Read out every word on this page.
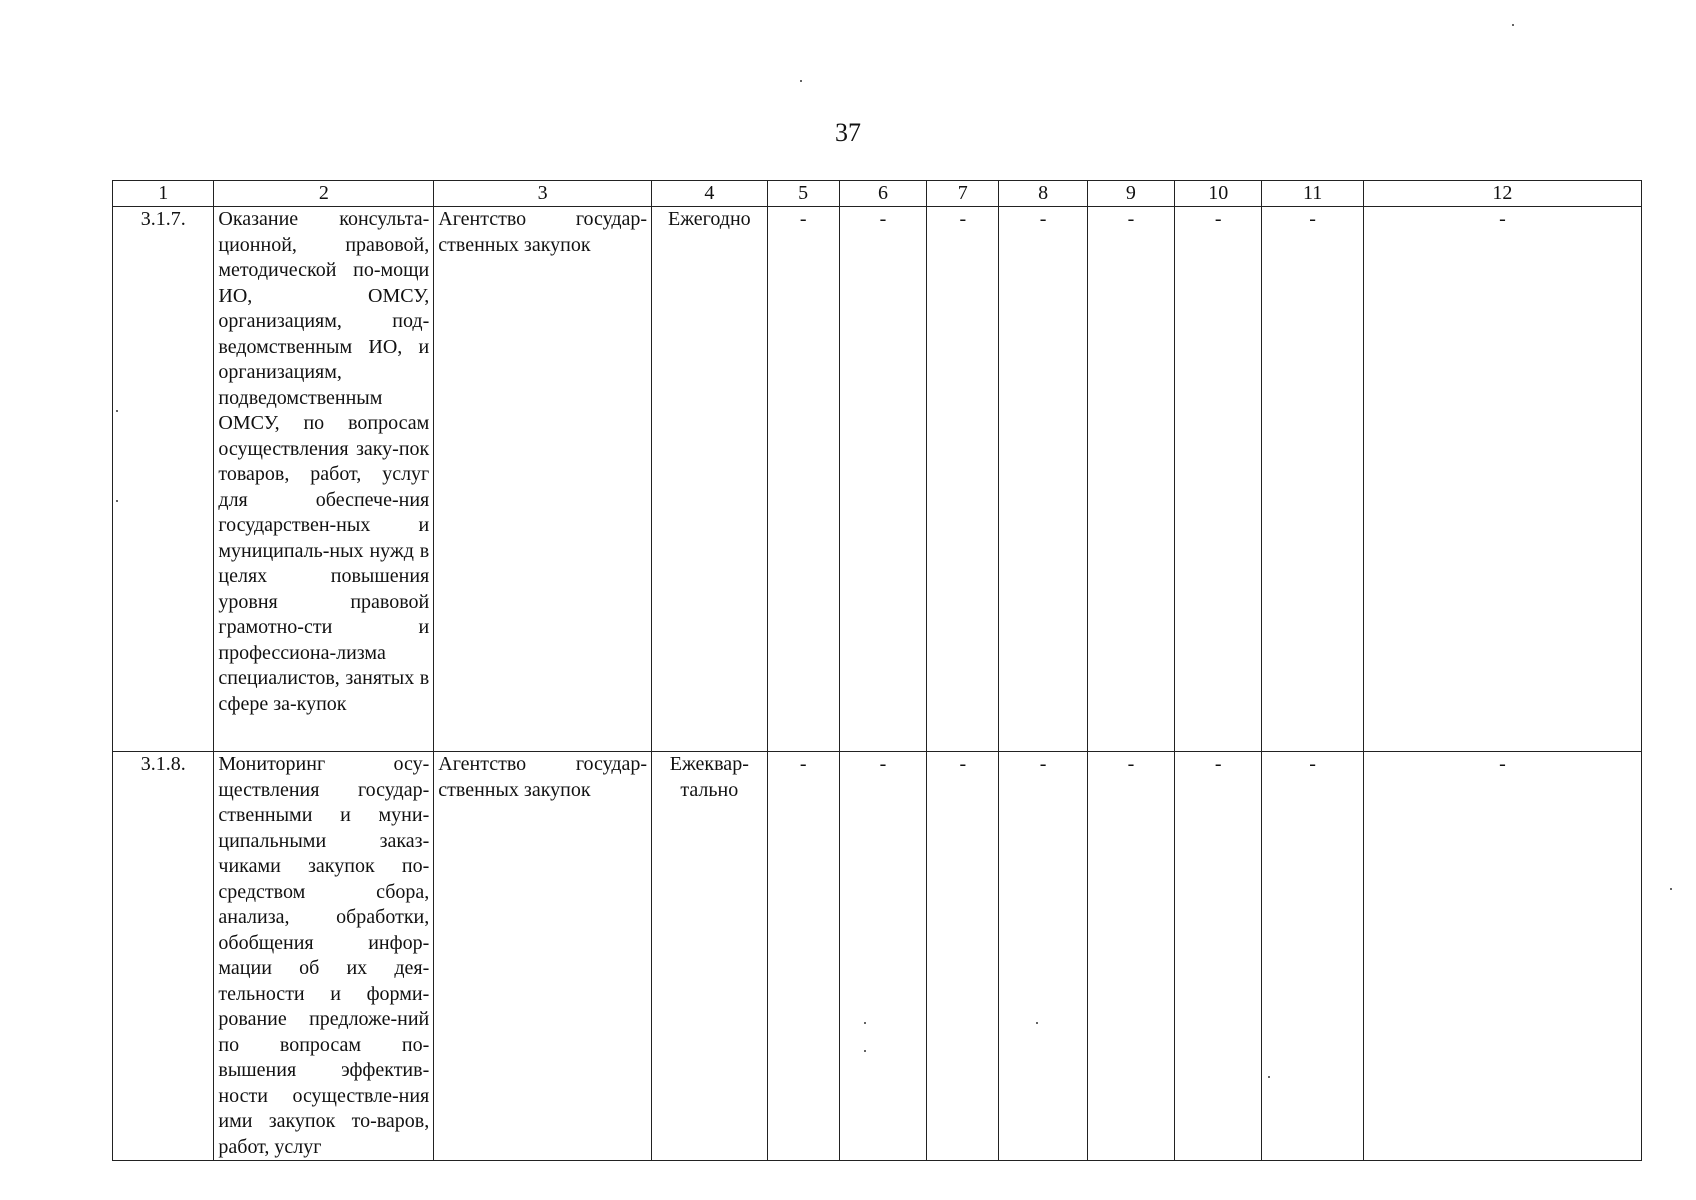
37
1	2	3	4	5	6	7	8	9	10	11	12
3.1.7.	Оказание консульта-ционной, правовой, методической по-мощи ИО, ОМСУ, организациям, под-ведомственным ИО, и организациям, подведомственным ОМСУ, по вопросам осуществления заку-пок товаров, работ, услуг для обеспече-ния государствен-ных и муниципаль-ных нужд в целях повышения уровня правовой грамотно-сти и профессиона-лизма специалистов, занятых в сфере за-купок	Агентство государ-ственных закупок	Ежегодно	-	-	-	-	-	-	-	-
3.1.8.	Мониторинг осу-ществления государ-ственными и муни-ципальными заказ-чиками закупок по-средством сбора, анализа, обработки, обобщения инфор-мации об их дея-тельности и форми-рование предложе-ний по вопросам по-вышения эффектив-ности осуществле-ния ими закупок то-варов, работ, услуг	Агентство государ-ственных закупок	Ежеквар-тально	-	-	-	-	-	-	-	-
